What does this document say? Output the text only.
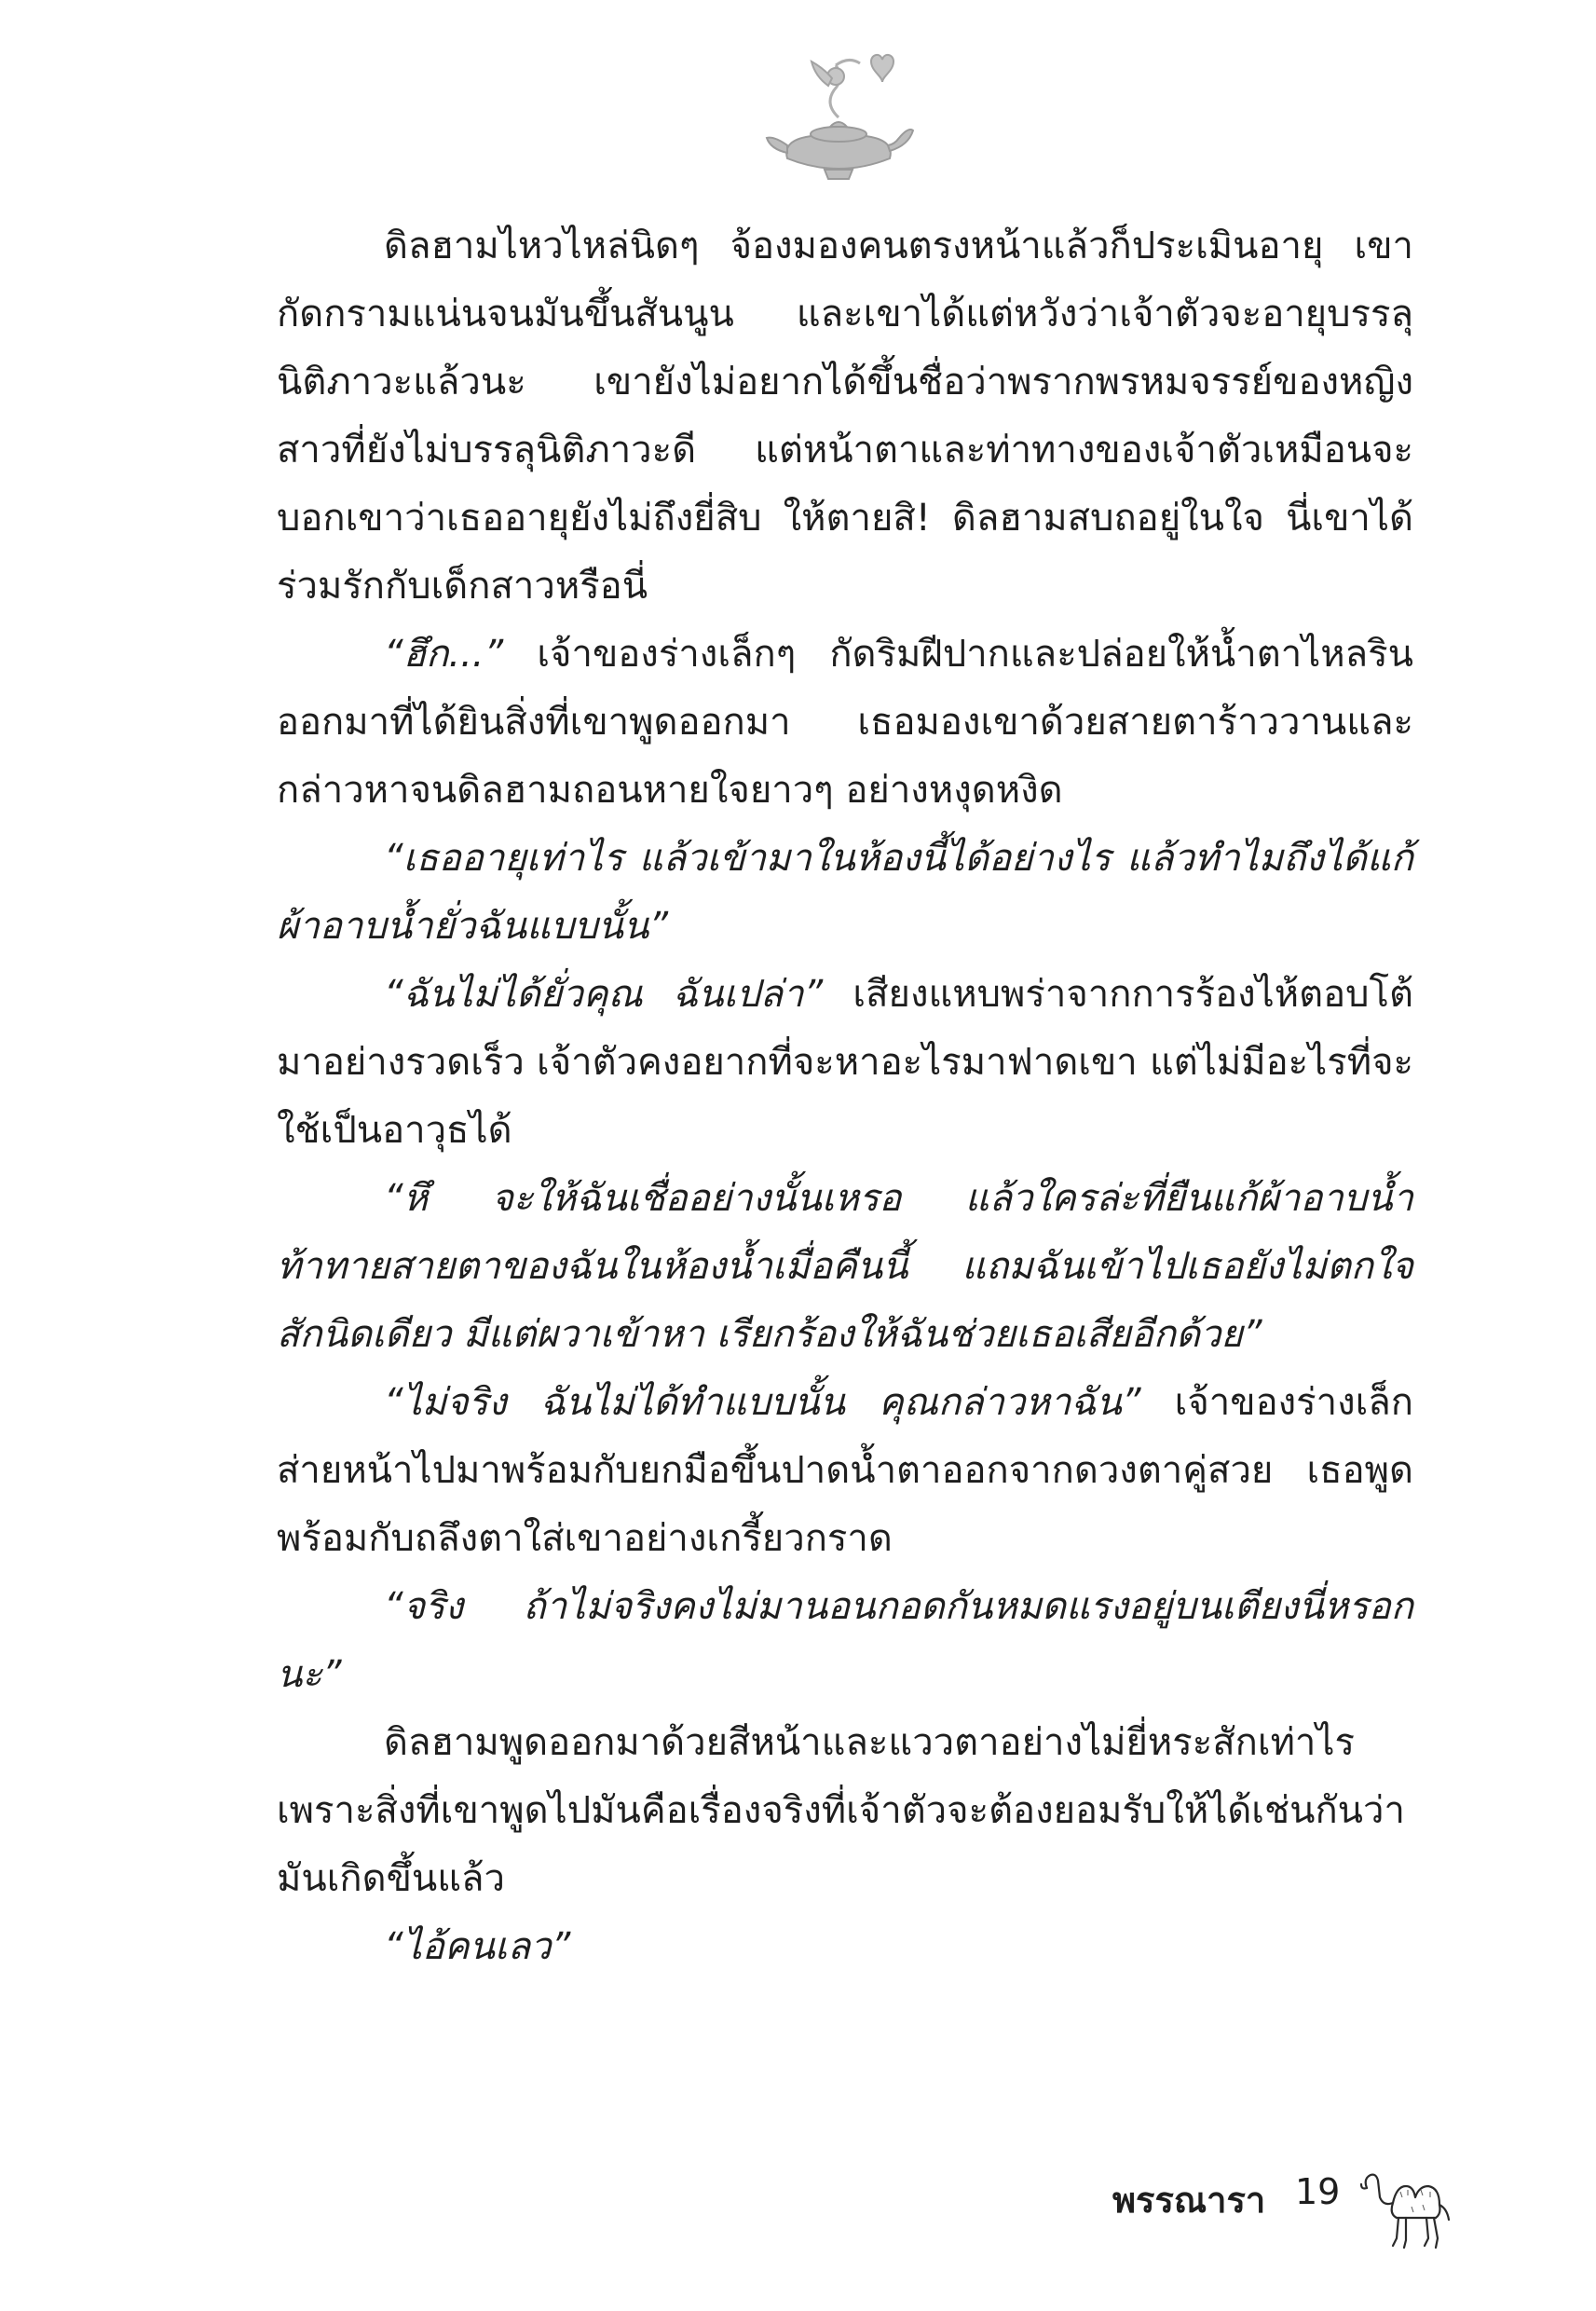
ดิลฮามไหวไหล่นิดๆ จ้องมองคนตรงหน้าแล้วก็ประเมินอายุ เขากัดกรามแน่นจนมันขึ้นสันนูน และเขาได้แต่หวังว่าเจ้าตัวจะอายุบรรลุนิติภาวะแล้วนะ เขายังไม่อยากได้ขึ้นชื่อว่าพรากพรหมจรรย์ของหญิงสาวที่ยังไม่บรรลุนิติภาวะดี แต่หน้าตาและท่าทางของเจ้าตัวเหมือนจะบอกเขาว่าเธออายุยังไม่ถึงยี่สิบ ให้ตายสิ! ดิลฮามสบถอยู่ในใจ นี่เขาได้ร่วมรักกับเด็กสาวหรือนี่

“ฮึก...” เจ้าของร่างเล็กๆ กัดริมฝีปากและปล่อยให้น้ำตาไหลรินออกมาที่ได้ยินสิ่งที่เขาพูดออกมา เธอมองเขาด้วยสายตาร้าววานและกล่าวหาจนดิลฮามถอนหายใจยาวๆ อย่างหงุดหงิด

“เธออายุเท่าไร แล้วเข้ามาในห้องนี้ได้อย่างไร แล้วทำไมถึงได้แก้ผ้าอาบน้ำยั่วฉันแบบนั้น”

“ฉันไม่ได้ยั่วคุณ ฉันเปล่า” เสียงแหบพร่าจากการร้องไห้ตอบโต้มาอย่างรวดเร็ว เจ้าตัวคงอยากที่จะหาอะไรมาฟาดเขา แต่ไม่มีอะไรที่จะใช้เป็นอาวุธได้

“หึ จะให้ฉันเชื่ออย่างนั้นเหรอ แล้วใครล่ะที่ยืนแก้ผ้าอาบน้ำท้าทายสายตาของฉันในห้องน้ำเมื่อคืนนี้ แถมฉันเข้าไปเธอยังไม่ตกใจสักนิดเดียว มีแต่ผวาเข้าหา เรียกร้องให้ฉันช่วยเธอเสียอีกด้วย”

“ไม่จริง ฉันไม่ได้ทำแบบนั้น คุณกล่าวหาฉัน” เจ้าของร่างเล็กส่ายหน้าไปมาพร้อมกับยกมือขึ้นปาดน้ำตาออกจากดวงตาคู่สวย เธอพูดพร้อมกับถลึงตาใส่เขาอย่างเกรี้ยวกราด

“จริง ถ้าไม่จริงคงไม่มานอนกอดกันหมดแรงอยู่บนเตียงนี่หรอกนะ”

ดิลฮามพูดออกมาด้วยสีหน้าและแววตาอย่างไม่ยี่หระสักเท่าไรเพราะสิ่งที่เขาพูดไปมันคือเรื่องจริงที่เจ้าตัวจะต้องยอมรับให้ได้เช่นกันว่ามันเกิดขึ้นแล้ว

“ไอ้คนเลว”

พรรณารา 19
